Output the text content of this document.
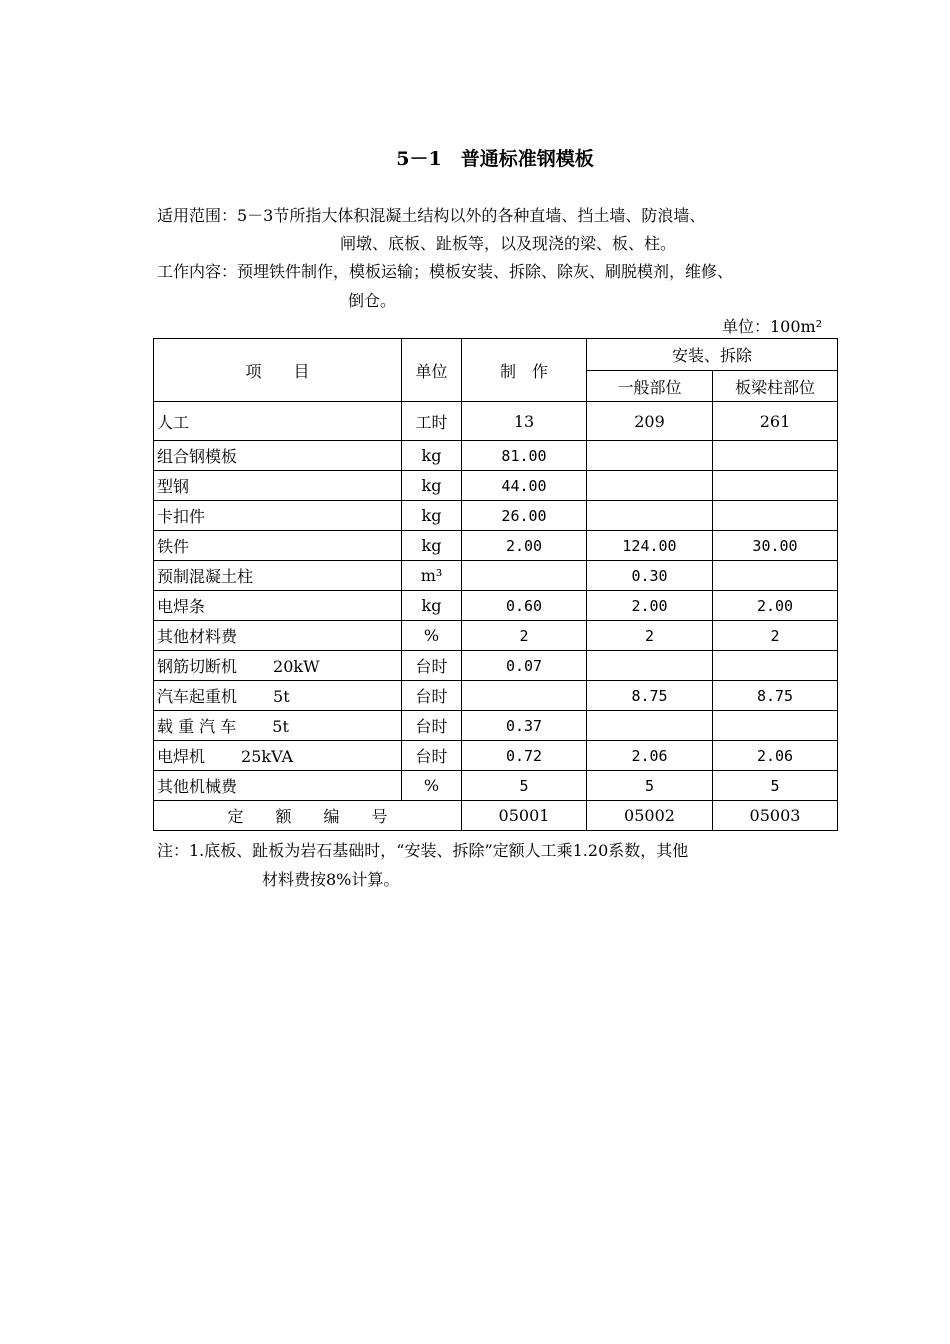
5－1　普通标准钢模板
适用范围：5－3节所指大体积混凝土结构以外的各种直墙、挡土墙、防浪墙、
闸墩、底板、趾板等，以及现浇的梁、板、柱。
工作内容：预埋铁件制作，模板运输；模板安装、拆除、除灰、刷脱模剂，维修、
倒仓。
单位：100m²
项　　目	单位	制　作	安装、拆除	
			一般部位	板梁柱部位
人工	工时	13	209	261
组合钢模板	kg	81.00		
型钢	kg	44.00		
卡扣件	kg	26.00		
铁件	kg	2.00	124.00	30.00
预制混凝土柱	m³		0.30	
电焊条	kg	0.60	2.00	2.00
其他材料费	%	2	2	2
钢筋切断机 20kW	台时	0.07		
汽车起重机 5t	台时		8.75	8.75
载 重 汽 车 5t	台时	0.37		
电焊机 25kVA	台时	0.72	2.06	2.06
其他机械费	%	5	5	5
定　　额　　编　　号		05001	05002	05003
注：1.底板、趾板为岩石基础时，“安装、拆除”定额人工乘1.20系数，其他
材料费按8%计算。
